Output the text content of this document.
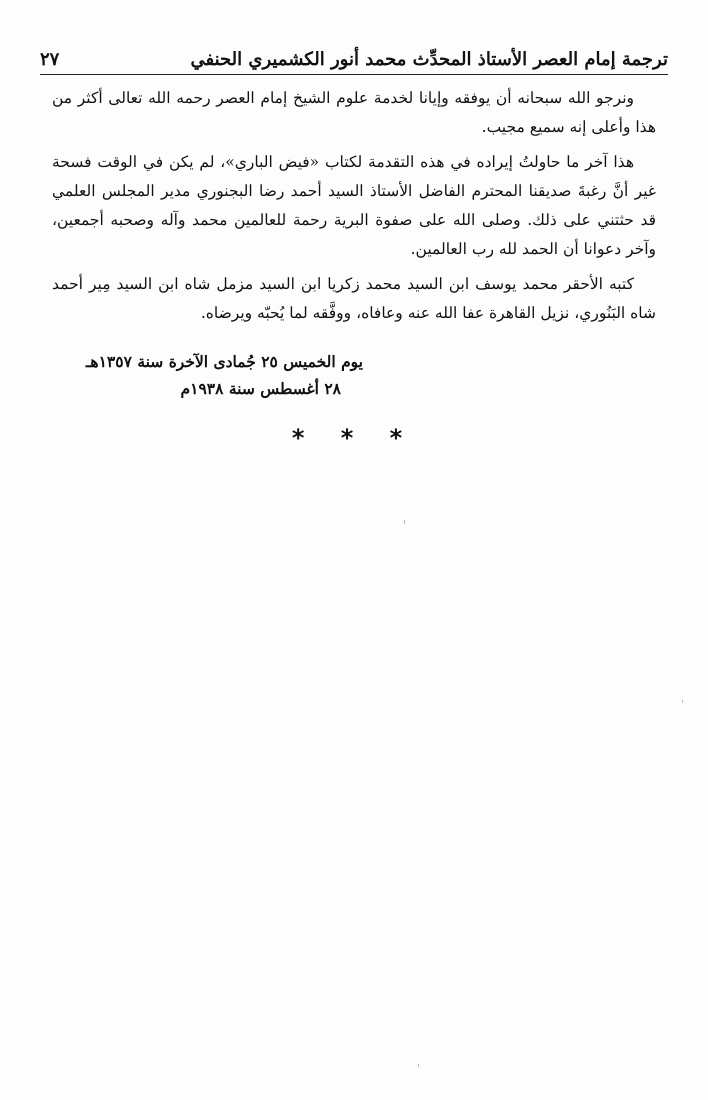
ترجمة إمام العصر الأستاذ المحدِّث محمد أنور الكشميري الحنفي
٢٧

ونرجو الله سبحانه أن يوفقه وإيانا لخدمة علوم الشيخ إمام العصر رحمه الله تعالى أكثر من هذا وأعلى إنه سميع مجيب.

هذا آخر ما حاولتُ إيراده في هذه التقدمة لكتاب «فيض الباري»، لم يكن في الوقت فسحة غير أنَّ رغبةَ صديقنا المحترم الفاضل الأستاذ السيد أحمد رضا البجنوري مدير المجلس العلمي قد حثتني على ذلك. وصلى الله على صفوة البرية رحمة للعالمين محمد وآله وصحبه أجمعين، وآخر دعوانا أن الحمد لله رب العالمين.

كتبه الأحقر محمد يوسف ابن السيد محمد زكريا ابن السيد مزمل شاه ابن السيد مِير أحمد شاه البَنُوري، نزيل القاهرة عفا الله عنه وعافاه، ووفَّقه لما يُحبّه ويرضاه.

يوم الخميس ٢٥ جُمادى الآخرة سنة ١٣٥٧هـ
٢٨ أغسطس سنة ١٩٣٨م
* * *
